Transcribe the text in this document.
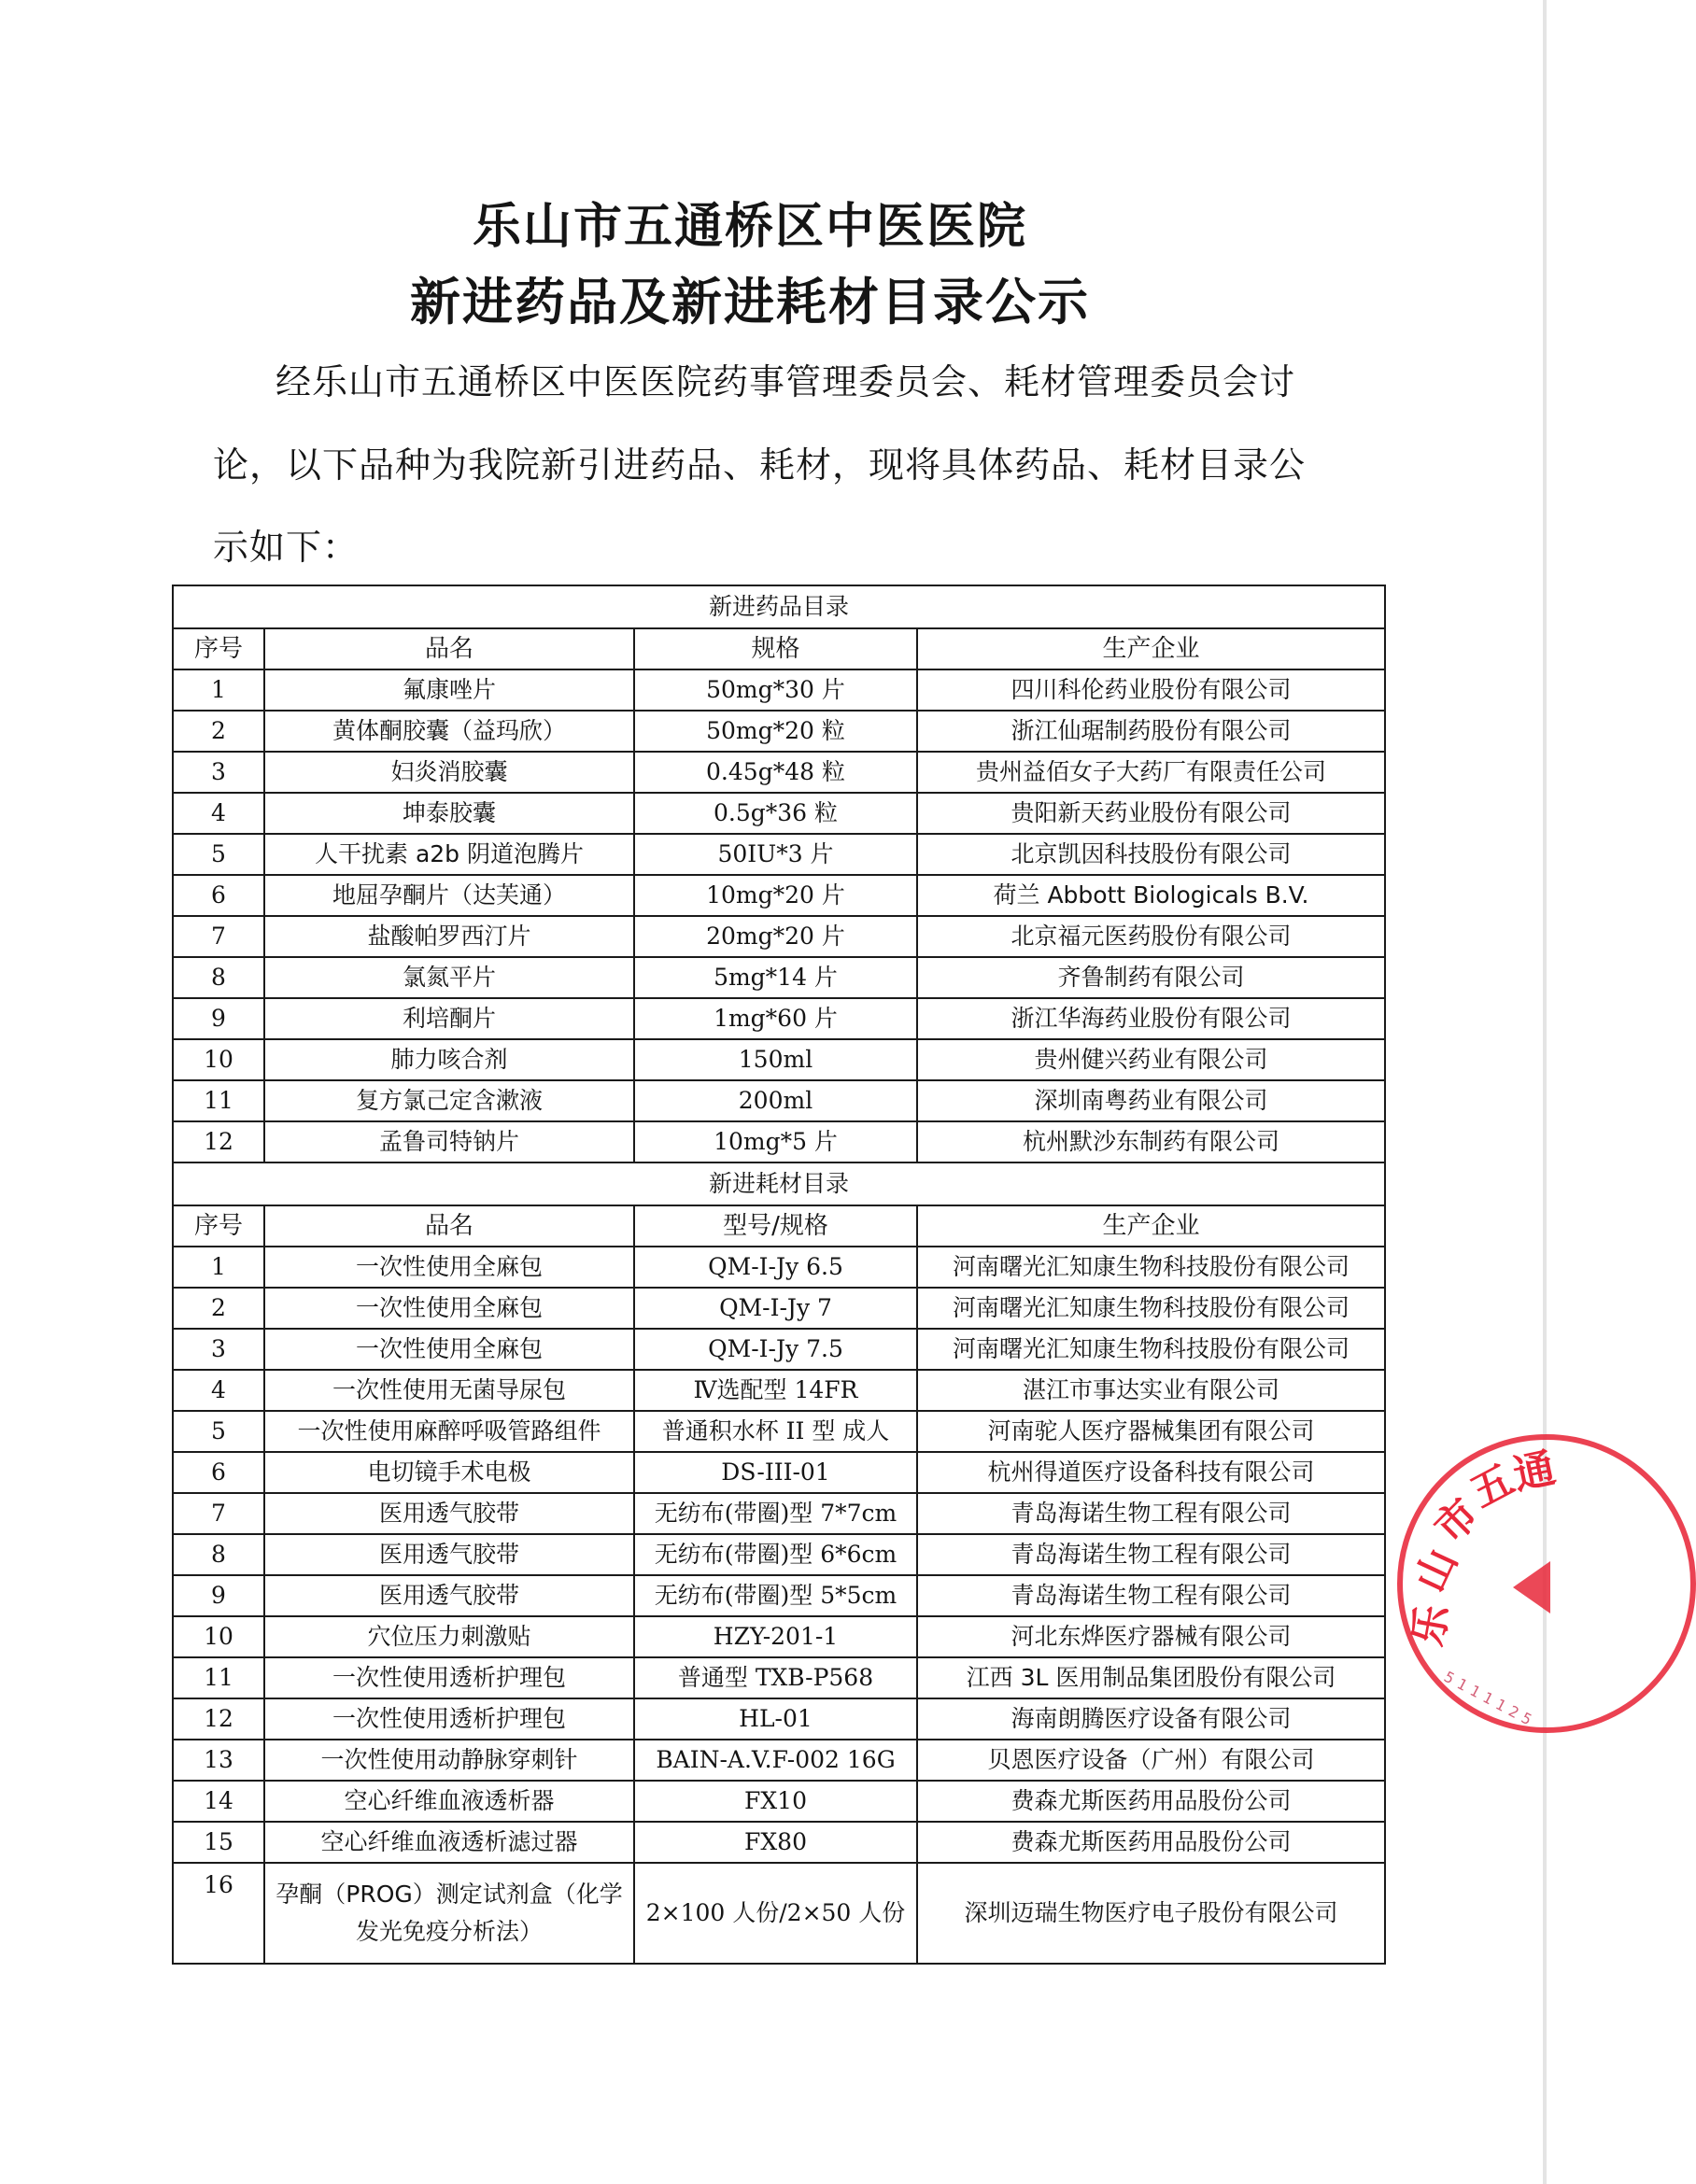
乐山市五通桥区中医医院
新进药品及新进耗材目录公示
经乐山市五通桥区中医医院药事管理委员会、耗材管理委员会讨
论，以下品种为我院新引进药品、耗材，现将具体药品、耗材目录公
示如下：
新进药品目录			
序号	品名	规格	生产企业
1	氟康唑片	50mg*30 片	四川科伦药业股份有限公司
2	黄体酮胶囊（益玛欣）	50mg*20 粒	浙江仙琚制药股份有限公司
3	妇炎消胶囊	0.45g*48 粒	贵州益佰女子大药厂有限责任公司
4	坤泰胶囊	0.5g*36 粒	贵阳新天药业股份有限公司
5	人干扰素 a2b 阴道泡腾片	50IU*3 片	北京凯因科技股份有限公司
6	地屈孕酮片（达芙通）	10mg*20 片	荷兰 Abbott Biologicals B.V.
7	盐酸帕罗西汀片	20mg*20 片	北京福元医药股份有限公司
8	氯氮平片	5mg*14 片	齐鲁制药有限公司
9	利培酮片	1mg*60 片	浙江华海药业股份有限公司
10	肺力咳合剂	150ml	贵州健兴药业有限公司
11	复方氯己定含漱液	200ml	深圳南粤药业有限公司
12	孟鲁司特钠片	10mg*5 片	杭州默沙东制药有限公司
新进耗材目录			
序号	品名	型号/规格	生产企业
1	一次性使用全麻包	QM-Ⅰ-Jy 6.5	河南曙光汇知康生物科技股份有限公司
2	一次性使用全麻包	QM-Ⅰ-Jy 7	河南曙光汇知康生物科技股份有限公司
3	一次性使用全麻包	QM-Ⅰ-Jy 7.5	河南曙光汇知康生物科技股份有限公司
4	一次性使用无菌导尿包	Ⅳ选配型 14FR	湛江市事达实业有限公司
5	一次性使用麻醉呼吸管路组件	普通积水杯 II 型 成人	河南驼人医疗器械集团有限公司
6	电切镜手术电极	DS-III-01	杭州得道医疗设备科技有限公司
7	医用透气胶带	无纺布(带圈)型 7*7cm	青岛海诺生物工程有限公司
8	医用透气胶带	无纺布(带圈)型 6*6cm	青岛海诺生物工程有限公司
9	医用透气胶带	无纺布(带圈)型 5*5cm	青岛海诺生物工程有限公司
10	穴位压力刺激贴	HZY-201-1	河北东烨医疗器械有限公司
11	一次性使用透析护理包	普通型 TXB-P568	江西 3L 医用制品集团股份有限公司
12	一次性使用透析护理包	HL-01	海南朗腾医疗设备有限公司
13	一次性使用动静脉穿刺针	BAIN-A.V.F-002 16G	贝恩医疗设备（广州）有限公司
14	空心纤维血液透析器	FX10	费森尤斯医药用品股份公司
15	空心纤维血液透析滤过器	FX80	费森尤斯医药用品股份公司
16	孕酮（PROG）测定试剂盒（化学发光免疫分析法）	2×100 人份/2×50 人份	深圳迈瑞生物医疗电子股份有限公司
乐
山
市
五
通
5111125
